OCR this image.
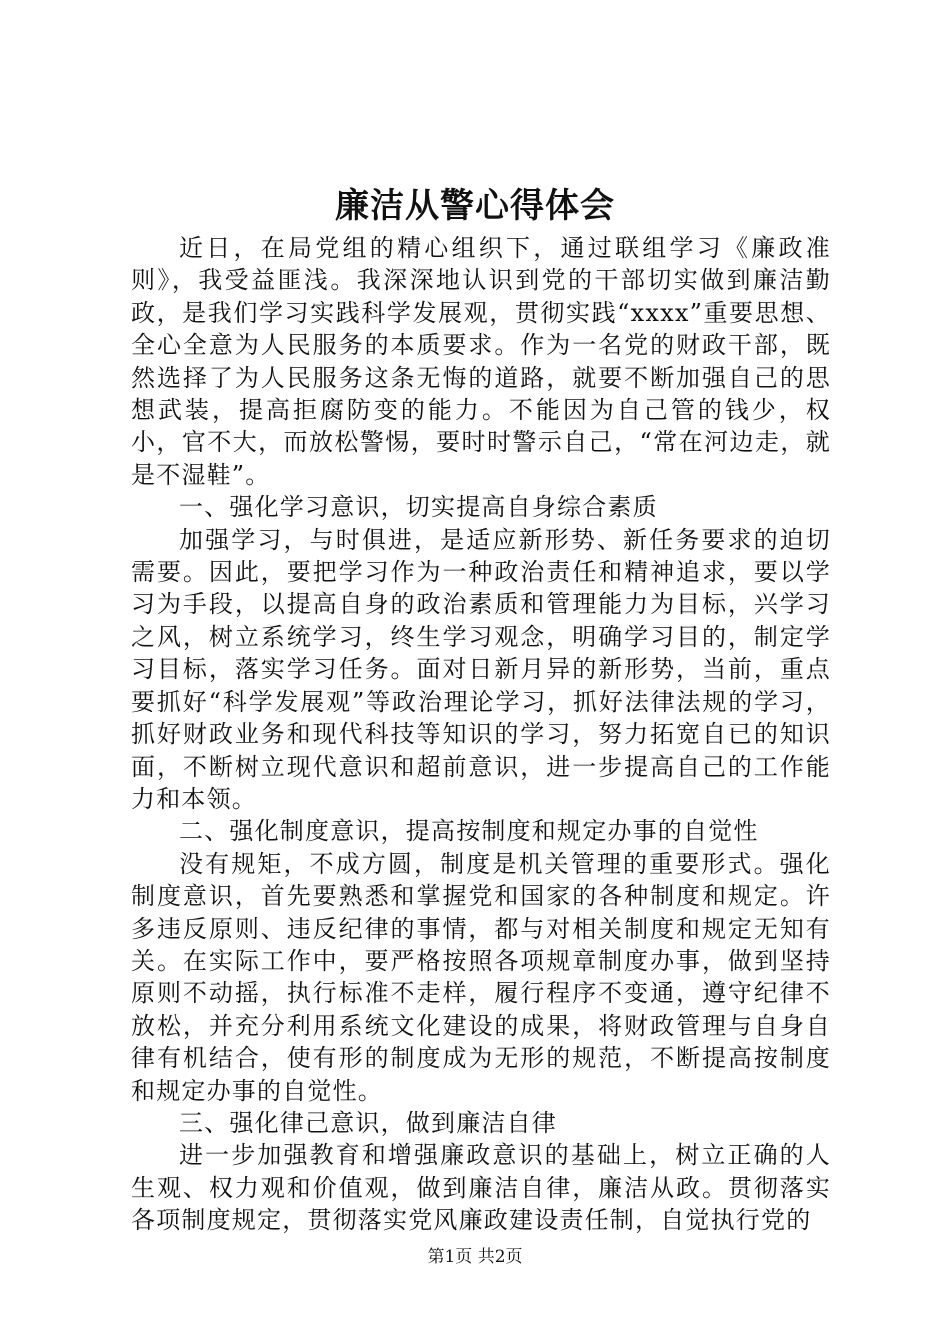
廉洁从警心得体会

近日，在局党组的精心组织下，通过联组学习《廉政准则》，我受益匪浅。我深深地认识到党的干部切实做到廉洁勤政，是我们学习实践科学发展观，贯彻实践“xxxx”重要思想、全心全意为人民服务的本质要求。作为一名党的财政干部，既然选择了为人民服务这条无悔的道路，就要不断加强自己的思想武装，提高拒腐防变的能力。不能因为自己管的钱少，权小，官不大，而放松警惕，要时时警示自己，“常在河边走，就是不湿鞋”。

一、强化学习意识，切实提高自身综合素质

加强学习，与时俱进，是适应新形势、新任务要求的迫切需要。因此，要把学习作为一种政治责任和精神追求，要以学习为手段，以提高自身的政治素质和管理能力为目标，兴学习之风，树立系统学习，终生学习观念，明确学习目的，制定学习目标，落实学习任务。面对日新月异的新形势，当前，重点要抓好“科学发展观”等政治理论学习，抓好法律法规的学习，抓好财政业务和现代科技等知识的学习，努力拓宽自已的知识面，不断树立现代意识和超前意识，进一步提高自己的工作能力和本领。

二、强化制度意识，提高按制度和规定办事的自觉性

没有规矩，不成方圆，制度是机关管理的重要形式。强化制度意识，首先要熟悉和掌握党和国家的各种制度和规定。许多违反原则、违反纪律的事情，都与对相关制度和规定无知有关。在实际工作中，要严格按照各项规章制度办事，做到坚持原则不动摇，执行标准不走样，履行程序不变通，遵守纪律不放松，并充分利用系统文化建设的成果，将财政管理与自身自律有机结合，使有形的制度成为无形的规范，不断提高按制度和规定办事的自觉性。

三、强化律己意识，做到廉洁自律

进一步加强教育和增强廉政意识的基础上，树立正确的人生观、权力观和价值观，做到廉洁自律，廉洁从政。贯彻落实各项制度规定，贯彻落实党风廉政建设责任制，自觉执行党的

第1页 共2页
